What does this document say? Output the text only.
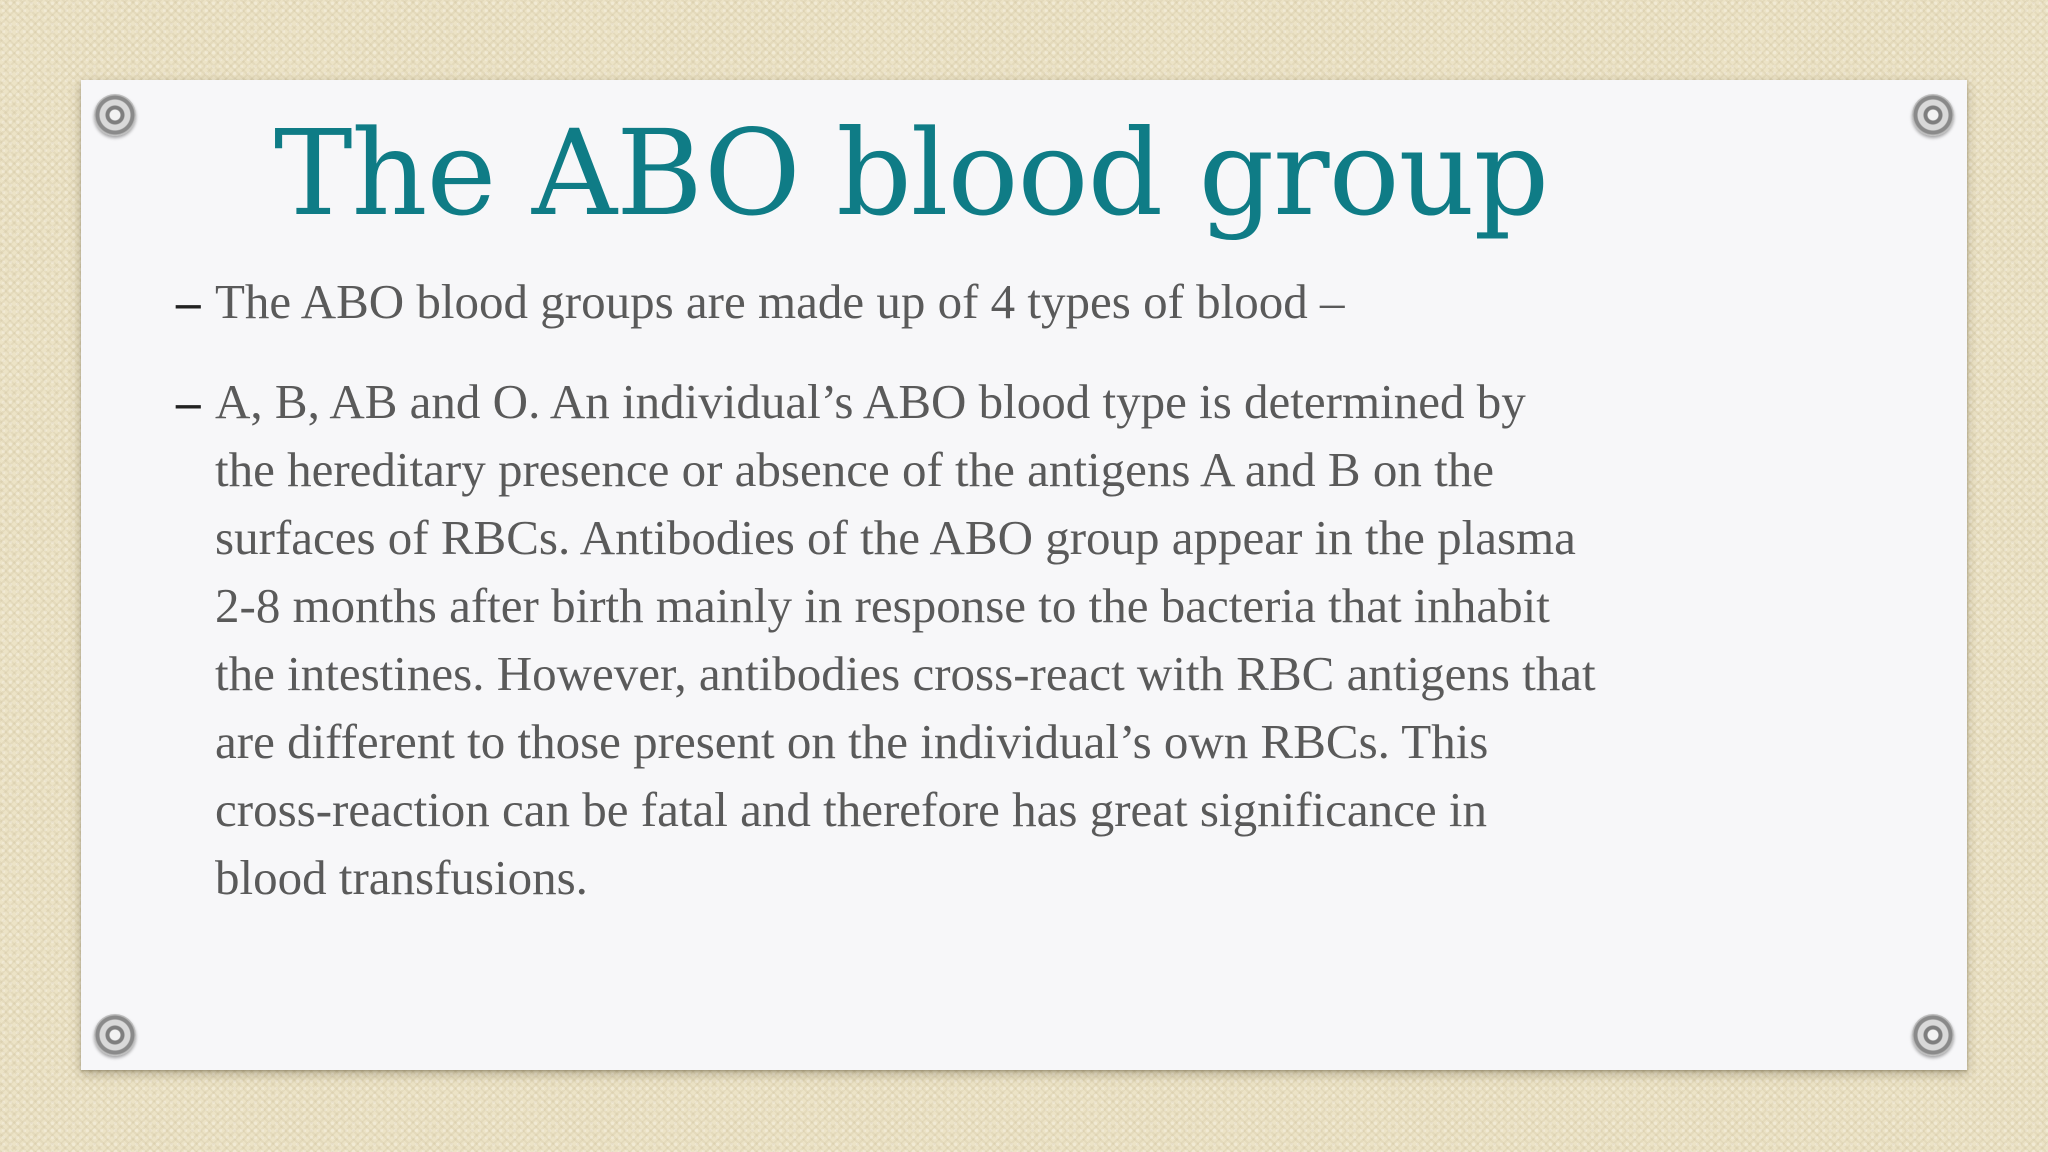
The ABO blood group
– The ABO blood groups are made up of 4 types of blood –
– A, B, AB and O. An individual’s ABO blood type is determined by the hereditary presence or absence of the antigens A and B on the surfaces of RBCs. Antibodies of the ABO group appear in the plasma 2-8 months after birth mainly in response to the bacteria that inhabit the intestines. However, antibodies cross-react with RBC antigens that are different to those present on the individual’s own RBCs. This cross-reaction can be fatal and therefore has great significance in blood transfusions.
